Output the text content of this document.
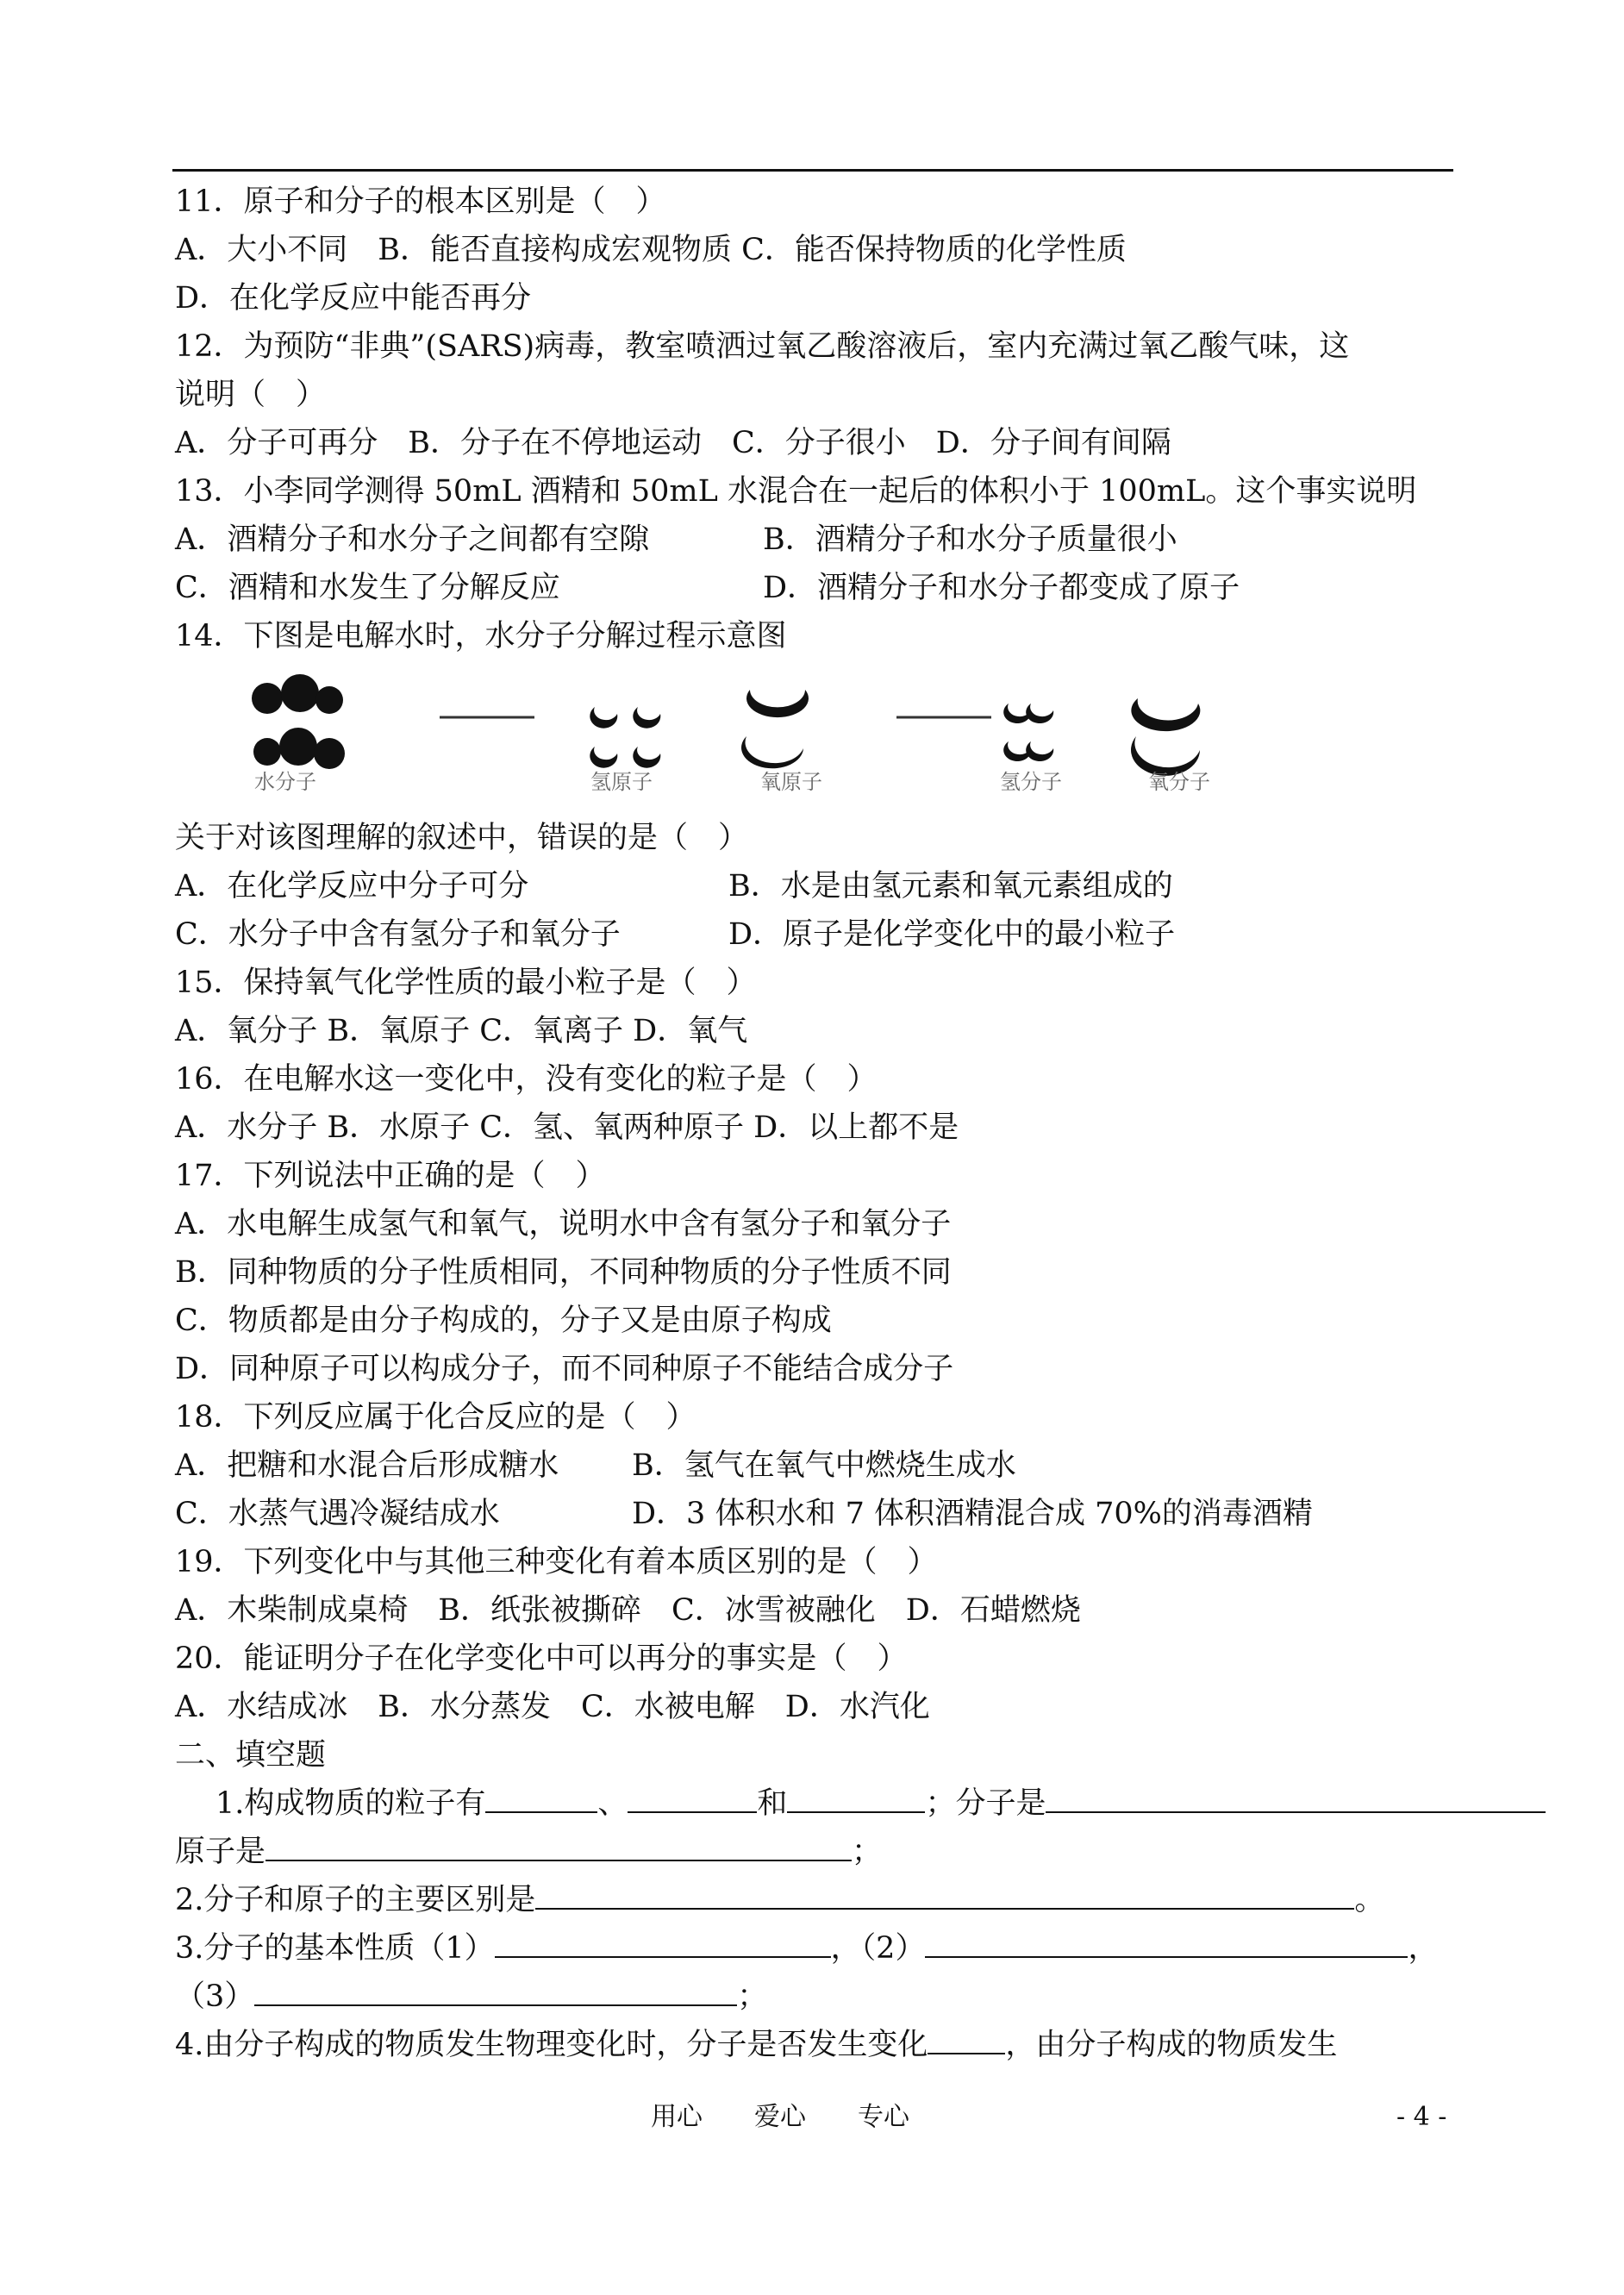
11．原子和分子的根本区别是（　）
A．大小不同　B．能否直接构成宏观物质 C．能否保持物质的化学性质
D．在化学反应中能否再分
12．为预防“非典”(SARS)病毒，教室喷洒过氧乙酸溶液后，室内充满过氧乙酸气味，这
说明（　）
A．分子可再分　B．分子在不停地运动　C．分子很小　D．分子间有间隔
13．小李同学测得 50mL 酒精和 50mL 水混合在一起后的体积小于 100mL。这个事实说明
A．酒精分子和水分子之间都有空隙	B．酒精分子和水分子质量很小
C．酒精和水发生了分解反应	D．酒精分子和水分子都变成了原子
14．下图是电解水时，水分子分解过程示意图
水分子	氢原子	氧原子	氢分子	氧分子
关于对该图理解的叙述中，错误的是（　）
A．在化学反应中分子可分	B．水是由氢元素和氧元素组成的
C．水分子中含有氢分子和氧分子	D．原子是化学变化中的最小粒子
15．保持氧气化学性质的最小粒子是（　）
A．氧分子 B．氧原子 C．氧离子 D．氧气
16．在电解水这一变化中，没有变化的粒子是（　）
A．水分子 B．水原子 C．氢、氧两种原子 D．以上都不是
17．下列说法中正确的是（　）
A．水电解生成氢气和氧气，说明水中含有氢分子和氧分子
B．同种物质的分子性质相同，不同种物质的分子性质不同
C．物质都是由分子构成的，分子又是由原子构成
D．同种原子可以构成分子，而不同种原子不能结合成分子
18．下列反应属于化合反应的是（　）
A．把糖和水混合后形成糖水 B．氢气在氧气中燃烧生成水
C．水蒸气遇冷凝结成水	D．3 体积水和 7 体积酒精混合成 70%的消毒酒精
19．下列变化中与其他三种变化有着本质区别的是（　）
A．木柴制成桌椅　B．纸张被撕碎　C．冰雪被融化　D．石蜡燃烧
20．能证明分子在化学变化中可以再分的事实是（　）
A．水结成冰　B．水分蒸发　C．水被电解　D．水汽化
二、填空题
1.构成物质的粒子有	、	和	；分子是
原子是	；
2.分子和原子的主要区别是	。
3.分子的基本性质（1）	，（2）	，
（3）	；
4.由分子构成的物质发生物理变化时，分子是否发生变化	，由分子构成的物质发生
用心　　爱心　　专心	- 4 -
